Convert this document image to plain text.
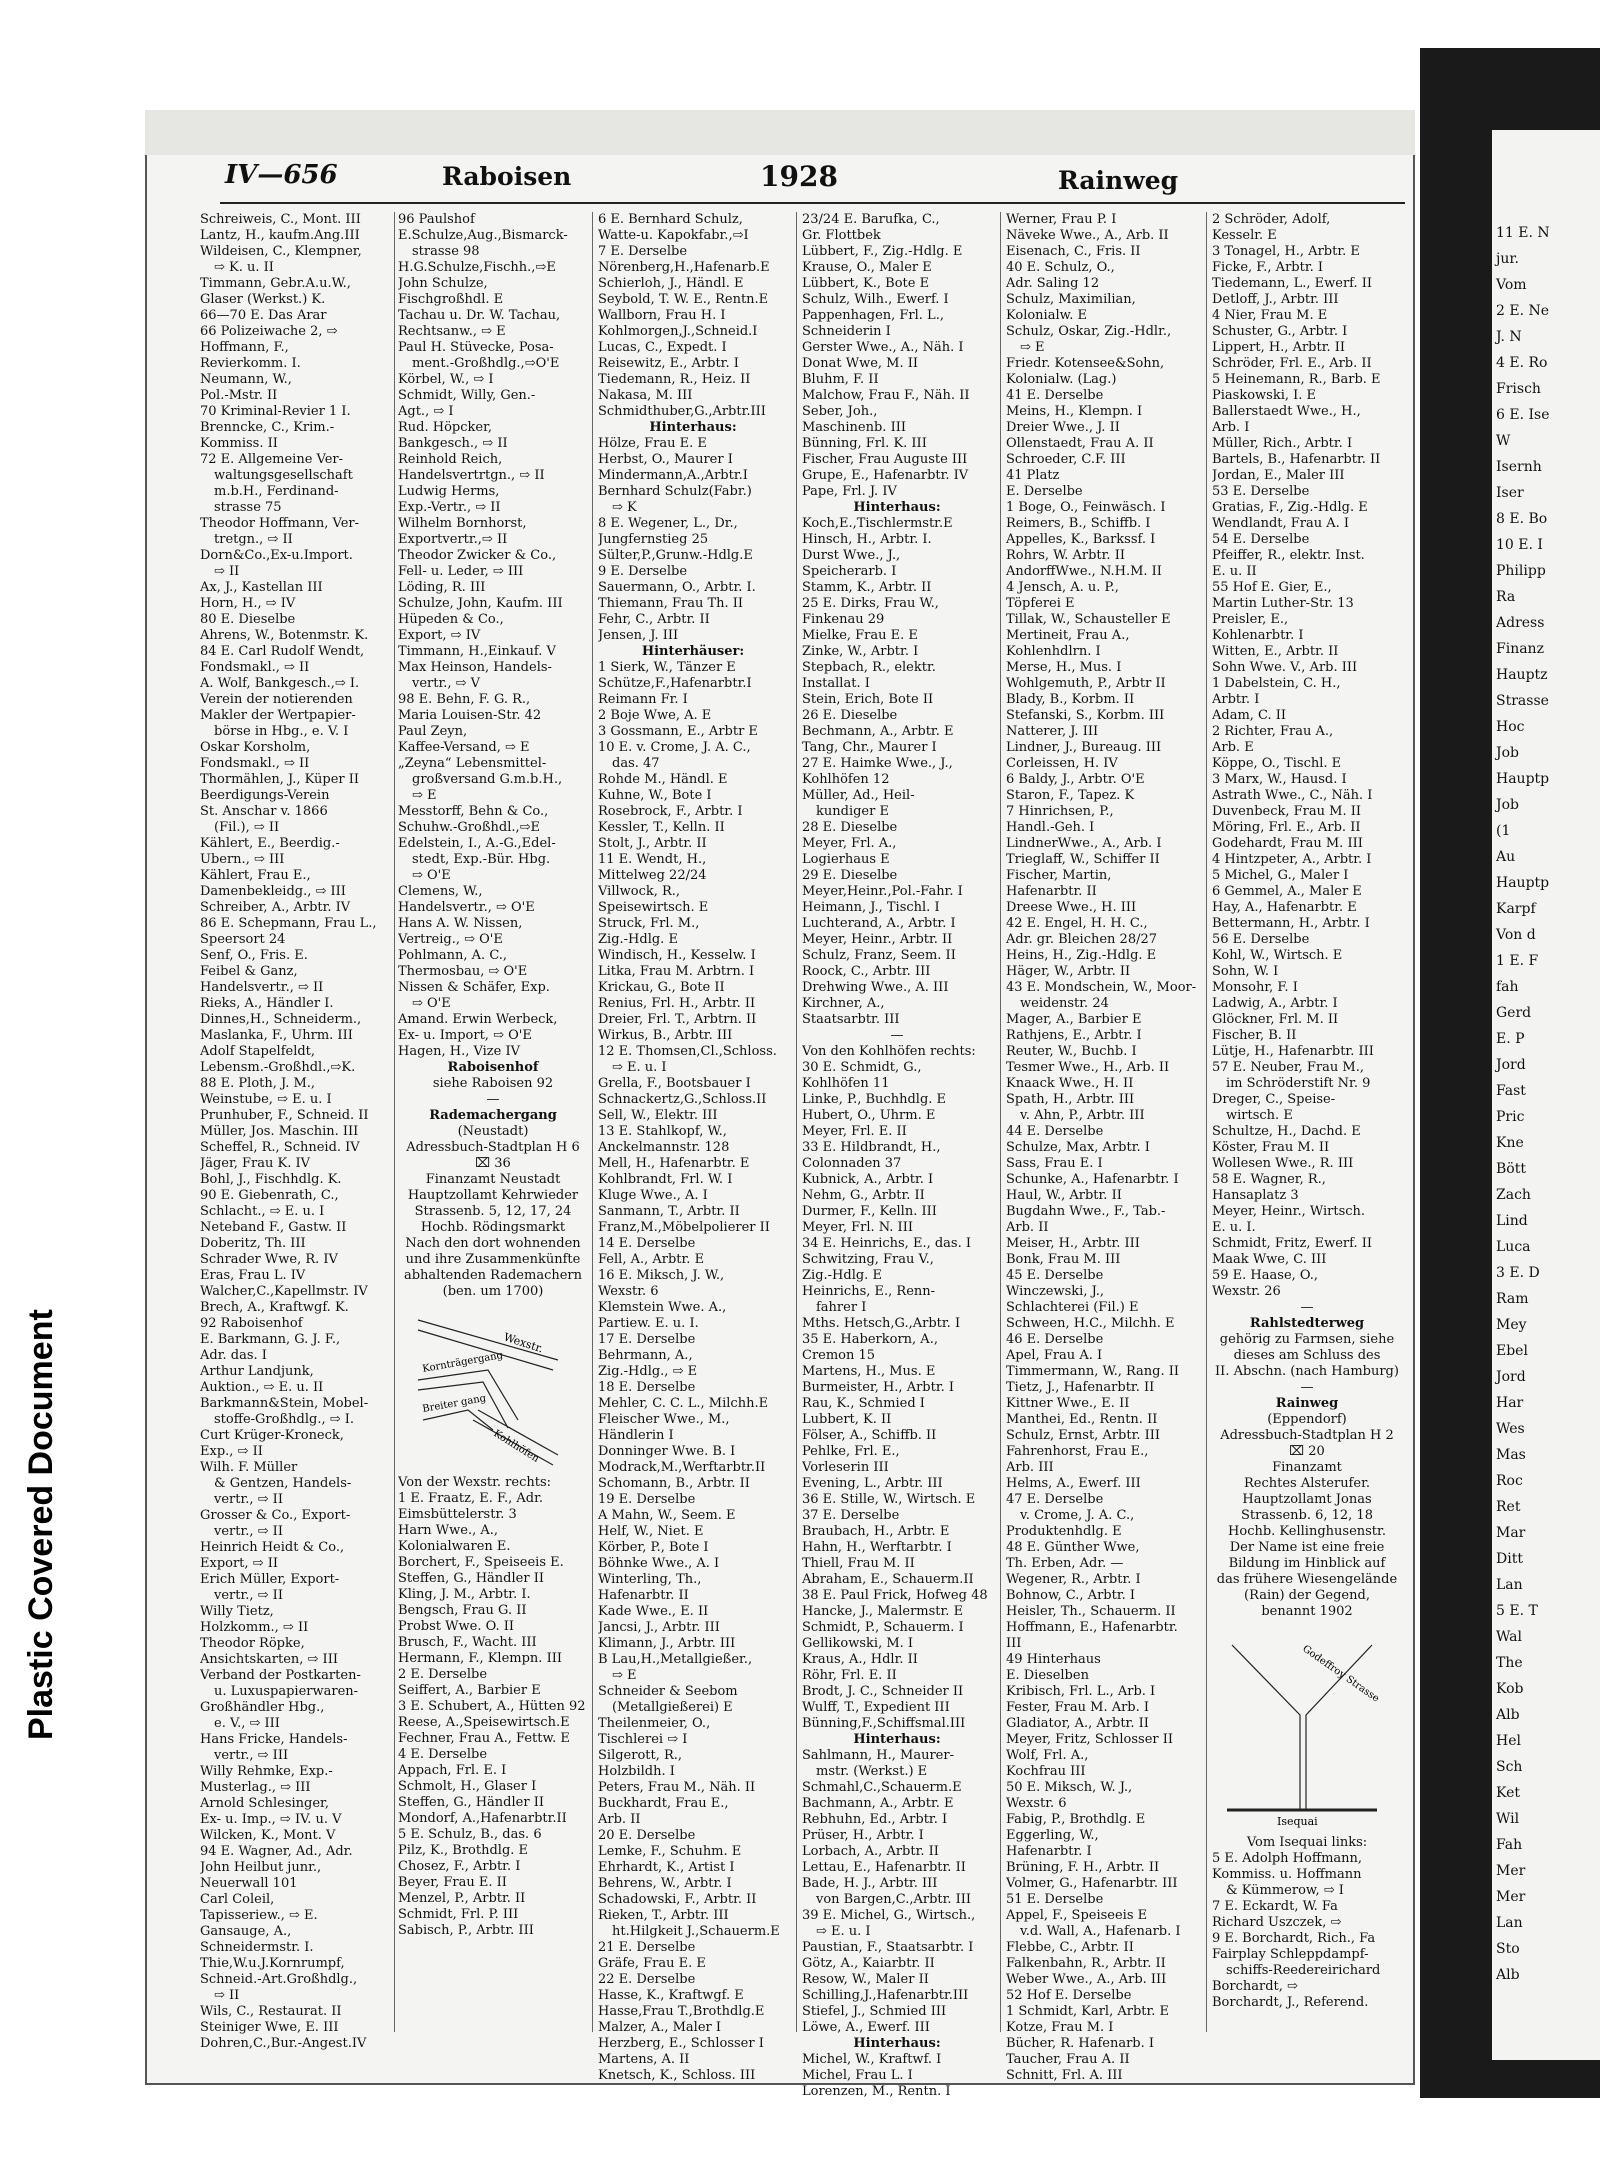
11 E. N
jur.
Vom
2 E. Ne
J. N
4 E. Ro
Frisch
6 E. Ise
W
Isernh
Iser
8 E. Bo
10 E. I
Philipp
Ra
Adress
Finanz
Hauptz
Strasse
Hoc
Job
Hauptp
Job
(1
Au
Hauptp
Karpf
Von d
1 E. F
fah
Gerd
E. P
Jord
Fast
Pric
Kne
Bött
Zach
Lind
Luca
3 E. D
Ram
Mey
Ebel
Jord
Har
Wes
Mas
Roc
Ret
Mar
Ditt
Lan
5 E. T
Wal
The
Kob
Alb
Hel
Sch
Ket
Wil
Fah
Mer
Mer
Lan
Sto
Alb
Plastic Covered Document
IV—656	Raboisen	1928	Rainweg
Schreiweis, C., Mont. III
Lantz, H., kaufm.Ang.III
Wildeisen, C., Klempner,
⇨ K. u. II
Timmann, Gebr.A.u.W.,
Glaser (Werkst.) K.
66—70 E. Das Arar
66 Polizeiwache 2, ⇨
Hoffmann, F.,
Revierkomm. I.
Neumann, W.,
Pol.-Mstr. II
70 Kriminal-Revier 1 I.
Brenncke, C., Krim.-
Kommiss. II
72 E. Allgemeine Ver-
waltungsgesellschaft
m.b.H., Ferdinand-
strasse 75
Theodor Hoffmann, Ver-
tretgn., ⇨ II
Dorn&Co.,Ex-u.Import.
⇨ II
Ax, J., Kastellan III
Horn, H., ⇨ IV
80 E. Dieselbe
Ahrens, W., Botenmstr. K.
84 E. Carl Rudolf Wendt,
Fondsmakl., ⇨ II
A. Wolf, Bankgesch.,⇨ I.
Verein der notierenden
Makler der Wertpapier-
börse in Hbg., e. V. I
Oskar Korsholm,
Fondsmakl., ⇨ II
Thormählen, J., Küper II
Beerdigungs-Verein
St. Anschar v. 1866
(Fil.), ⇨ II
Kählert, E., Beerdig.-
Übern., ⇨ III
Kählert, Frau E.,
Damenbekleidg., ⇨ III
Schreiber, A., Arbtr. IV
86 E. Schepmann, Frau L.,
Speersort 24
Senf, O., Fris. E.
Feibel & Ganz,
Handelsvertr., ⇨ II
Rieks, A., Händler I.
Dinnes,H., Schneiderm.,
Maslanka, F., Uhrm. III
Adolf Stapelfeldt,
Lebensm.-Großhdl.,⇨K.
88 E. Ploth, J. M.,
Weinstube, ⇨ E. u. I
Prunhuber, F., Schneid. II
Müller, Jos. Maschin. III
Scheffel, R., Schneid. IV
Jäger, Frau K. IV
Bohl, J., Fischhdlg. K.
90 E. Giebenrath, C.,
Schlacht., ⇨ E. u. I
Neteband F., Gastw. II
Doberitz, Th. III
Schrader Wwe, R. IV
Eras, Frau L. IV
Walcher,C.,Kapellmstr. IV
Brech, A., Kraftwgf. K.
92 Raboisenhof
E. Barkmann, G. J. F.,
Adr. das. I
Arthur Landjunk,
Auktion., ⇨ E. u. II
Barkmann&Stein, Mobel-
stoffe-Großhdlg., ⇨ I.
Curt Krüger-Kroneck,
Exp., ⇨ II
Wilh. F. Müller
& Gentzen, Handels-
vertr., ⇨ II
Grosser & Co., Export-
vertr., ⇨ II
Heinrich Heidt & Co.,
Export, ⇨ II
Erich Müller, Export-
vertr., ⇨ II
Willy Tietz,
Holzkomm., ⇨ II
Theodor Röpke,
Ansichtskarten, ⇨ III
Verband der Postkarten-
u. Luxuspapierwaren-
Großhändler Hbg.,
e. V., ⇨ III
Hans Fricke, Handels-
vertr., ⇨ III
Willy Rehmke, Exp.-
Musterlag., ⇨ III
Arnold Schlesinger,
Ex- u. Imp., ⇨ IV. u. V
Wilcken, K., Mont. V
94 E. Wagner, Ad., Adr.
John Heilbut junr.,
Neuerwall 101
Carl Coleil,
Tapisseriew., ⇨ E.
Gansauge, A.,
Schneidermstr. I.
Thie,W.u.J.Kornrumpf,
Schneid.-Art.Großhdlg.,
⇨ II
Wils, C., Restaurat. II
Steiniger Wwe, E. III
Dohren,C.,Bur.-Angest.IV
96 Paulshof
E.Schulze,Aug.,Bismarck-
strasse 98
H.G.Schulze,Fischh.,⇨E
John Schulze,
Fischgroßhdl. E
Tachau u. Dr. W. Tachau,
Rechtsanw., ⇨ E
Paul H. Stüvecke, Posa-
ment.-Großhdlg.,⇨O'E
Körbel, W., ⇨ I
Schmidt, Willy, Gen.-
Agt., ⇨ I
Rud. Höpcker,
Bankgesch., ⇨ II
Reinhold Reich,
Handelsvertrtgn., ⇨ II
Ludwig Herms,
Exp.-Vertr., ⇨ II
Wilhelm Bornhorst,
Exportvertr.,⇨ II
Theodor Zwicker & Co.,
Fell- u. Leder, ⇨ III
Löding, R. III
Schulze, John, Kaufm. III
Hüpeden & Co.,
Export, ⇨ IV
Timmann, H.,Einkauf. V
Max Heinson, Handels-
vertr., ⇨ V
98 E. Behn, F. G. R.,
Maria Louisen-Str. 42
Paul Zeyn,
Kaffee-Versand, ⇨ E
„Zeyna“ Lebensmittel-
großversand G.m.b.H.,
⇨ E
Messtorff, Behn & Co.,
Schuhw.-Großhdl.,⇨E
Edelstein, I., A.-G.,Edel-
stedt, Exp.-Bür. Hbg.
⇨ O'E
Clemens, W.,
Handelsvertr., ⇨ O'E
Hans A. W. Nissen,
Vertreig., ⇨ O'E
Pohlmann, A. C.,
Thermosbau, ⇨ O'E
Nissen & Schäfer, Exp.
⇨ O'E
Amand. Erwin Werbeck,
Ex- u. Import, ⇨ O'E
Hagen, H., Vize IV
Raboisenhof
siehe Raboisen 92
—
Rademachergang
(Neustadt)
Adressbuch-Stadtplan H 6
⌧ 36
Finanzamt Neustadt
Hauptzollamt Kehrwieder
Strassenb. 5, 12, 17, 24
Hochb. Rödingsmarkt
Nach den dort wohnenden
und ihre Zusammenkünfte
abhaltenden Rademachern
(ben. um 1700)
Wexstr.
Kornträgergang
Breiter gang
Kohlhöfen
Von der Wexstr. rechts:
1 E. Fraatz, E. F., Adr.
Eimsbüttelerstr. 3
Harn Wwe., A.,
Kolonialwaren E.
Borchert, F., Speiseeis E.
Steffen, G., Händler II
Kling, J. M., Arbtr. I.
Bengsch, Frau G. II
Probst Wwe. O. II
Brusch, F., Wacht. III
Hermann, F., Klempn. III
2 E. Derselbe
Seiffert, A., Barbier E
3 E. Schubert, A., Hütten 92
Reese, A.,Speisewirtsch.E
Fechner, Frau A., Fettw. E
4 E. Derselbe
Appach, Frl. E. I
Schmolt, H., Glaser I
Steffen, G., Händler II
Mondorf, A.,Hafenarbtr.II
5 E. Schulz, B., das. 6
Pilz, K., Brothdlg. E
Chosez, F., Arbtr. I
Beyer, Frau E. II
Menzel, P., Arbtr. II
Schmidt, Frl. P. III
Sabisch, P., Arbtr. III
6 E. Bernhard Schulz,
Watte-u. Kapokfabr.,⇨I
7 E. Derselbe
Nörenberg,H.,Hafenarb.E
Schierloh, J., Händl. E
Seybold, T. W. E., Rentn.E
Wallborn, Frau H. I
Kohlmorgen,J.,Schneid.I
Lucas, C., Expedt. I
Reisewitz, E., Arbtr. I
Tiedemann, R., Heiz. II
Nakasa, M. III
Schmidthuber,G.,Arbtr.III
Hinterhaus:
Hölze, Frau E. E
Herbst, O., Maurer I
Mindermann,A.,Arbtr.I
Bernhard Schulz(Fabr.)
⇨ K
8 E. Wegener, L., Dr.,
Jungfernstieg 25
Sülter,P.,Grunw.-Hdlg.E
9 E. Derselbe
Sauermann, O., Arbtr. I.
Thiemann, Frau Th. II
Fehr, C., Arbtr. II
Jensen, J. III
Hinterhäuser:
1 Sierk, W., Tänzer E
Schütze,F.,Hafenarbtr.I
Reimann Fr. I
2 Boje Wwe, A. E
3 Gossmann, E., Arbtr E
10 E. v. Crome, J. A. C.,
das. 47
Rohde M., Händl. E
Kuhne, W., Bote I
Rosebrock, F., Arbtr. I
Kessler, T., Kelln. II
Stolt, J., Arbtr. II
11 E. Wendt, H.,
Mittelweg 22/24
Villwock, R.,
Speisewirtsch. E
Struck, Frl. M.,
Zig.-Hdlg. E
Windisch, H., Kesselw. I
Litka, Frau M. Arbtrn. I
Krickau, G., Bote II
Renius, Frl. H., Arbtr. II
Dreier, Frl. T., Arbtrn. II
Wirkus, B., Arbtr. III
12 E. Thomsen,Cl.,Schloss.
⇨ E. u. I
Grella, F., Bootsbauer I
Schnackertz,G.,Schloss.II
Sell, W., Elektr. III
13 E. Stahlkopf, W.,
Anckelmannstr. 128
Mell, H., Hafenarbtr. E
Kohlbrandt, Frl. W. I
Kluge Wwe., A. I
Sanmann, T., Arbtr. II
Franz,M.,Möbelpolierer II
14 E. Derselbe
Fell, A., Arbtr. E
16 E. Miksch, J. W.,
Wexstr. 6
Klemstein Wwe. A.,
Partiew. E. u. I.
17 E. Derselbe
Behrmann, A.,
Zig.-Hdlg., ⇨ E
18 E. Derselbe
Mehler, C. C. L., Milchh.E
Fleischer Wwe., M.,
Händlerin I
Donninger Wwe. B. I
Modrack,M.,Werftarbtr.II
Schomann, B., Arbtr. II
19 E. Derselbe
A Mahn, W., Seem. E
Helf, W., Niet. E
Körber, P., Bote I
Böhnke Wwe., A. I
Winterling, Th.,
Hafenarbtr. II
Kade Wwe., E. II
Jancsi, J., Arbtr. III
Klimann, J., Arbtr. III
B Lau,H.,Metallgießer.,
⇨ E
Schneider & Seebom
(Metallgießerei) E
Theilenmeier, O.,
Tischlerei ⇨ I
Silgerott, R.,
Holzbildh. I
Peters, Frau M., Näh. II
Buckhardt, Frau E.,
Arb. II
20 E. Derselbe
Lemke, F., Schuhm. E
Ehrhardt, K., Artist I
Behrens, W., Arbtr. I
Schadowski, F., Arbtr. II
Rieken, T., Arbtr. III
ht.Hilgkeit J.,Schauerm.E
21 E. Derselbe
Gräfe, Frau E. E
22 E. Derselbe
Hasse, K., Kraftwgf. E
Hasse,Frau T.,Brothdlg.E
Malzer, A., Maler I
Herzberg, E., Schlosser I
Martens, A. II
Knetsch, K., Schloss. III
23/24 E. Barufka, C.,
Gr. Flottbek
Lübbert, F., Zig.-Hdlg. E
Krause, O., Maler E
Lübbert, K., Bote E
Schulz, Wilh., Ewerf. I
Pappenhagen, Frl. L.,
Schneiderin I
Gerster Wwe., A., Näh. I
Donat Wwe, M. II
Bluhm, F. II
Malchow, Frau F., Näh. II
Seber, Joh.,
Maschinenb. III
Bünning, Frl. K. III
Fischer, Frau Auguste III
Grupe, E., Hafenarbtr. IV
Pape, Frl. J. IV
Hinterhaus:
Koch,E.,Tischlermstr.E
Hinsch, H., Arbtr. I.
Durst Wwe., J.,
Speicherarb. I
Stamm, K., Arbtr. II
25 E. Dirks, Frau W.,
Finkenau 29
Mielke, Frau E. E
Zinke, W., Arbtr. I
Stepbach, R., elektr.
Installat. I
Stein, Erich, Bote II
26 E. Dieselbe
Bechmann, A., Arbtr. E
Tang, Chr., Maurer I
27 E. Haimke Wwe., J.,
Kohlhöfen 12
Müller, Ad., Heil-
kundiger E
28 E. Dieselbe
Meyer, Frl. A.,
Logierhaus E
29 E. Dieselbe
Meyer,Heinr.,Pol.-Fahr. I
Heimann, J., Tischl. I
Luchterand, A., Arbtr. I
Meyer, Heinr., Arbtr. II
Schulz, Franz, Seem. II
Roock, C., Arbtr. III
Drehwing Wwe., A. III
Kirchner, A.,
Staatsarbtr. III
—
Von den Kohlhöfen rechts:
30 E. Schmidt, G.,
Kohlhöfen 11
Linke, P., Buchhdlg. E
Hubert, O., Uhrm. E
Meyer, Frl. E. II
33 E. Hildbrandt, H.,
Colonnaden 37
Kubnick, A., Arbtr. I
Nehm, G., Arbtr. II
Durmer, F., Kelln. III
Meyer, Frl. N. III
34 E. Heinrichs, E., das. I
Schwitzing, Frau V.,
Zig.-Hdlg. E
Heinrichs, E., Renn-
fahrer I
Mths. Hetsch,G.,Arbtr. I
35 E. Haberkorn, A.,
Cremon 15
Martens, H., Mus. E
Burmeister, H., Arbtr. I
Rau, K., Schmied I
Lubbert, K. II
Fölser, A., Schiffb. II
Pehlke, Frl. E.,
Vorleserin III
Evening, L., Arbtr. III
36 E. Stille, W., Wirtsch. E
37 E. Derselbe
Braubach, H., Arbtr. E
Hahn, H., Werftarbtr. I
Thiell, Frau M. II
Abraham, E., Schauerm.II
38 E. Paul Frick, Hofweg 48
Hancke, J., Malermstr. E
Schmidt, P., Schauerm. I
Gellikowski, M. I
Kraus, A., Hdlr. II
Röhr, Frl. E. II
Brodt, J. C., Schneider II
Wulff, T., Expedient III
Bünning,F.,Schiffsmal.III
Hinterhaus:
Sahlmann, H., Maurer-
mstr. (Werkst.) E
Schmahl,C.,Schauerm.E
Bachmann, A., Arbtr. E
Rebhuhn, Ed., Arbtr. I
Prüser, H., Arbtr. I
Lorbach, A., Arbtr. II
Lettau, E., Hafenarbtr. II
Bade, H. J., Arbtr. III
von Bargen,C.,Arbtr. III
39 E. Michel, G., Wirtsch.,
⇨ E. u. I
Paustian, F., Staatsarbtr. I
Götz, A., Kaiarbtr. II
Resow, W., Maler II
Schilling,J.,Hafenarbtr.III
Stiefel, J., Schmied III
Löwe, A., Ewerf. III
Hinterhaus:
Michel, W., Kraftwf. I
Michel, Frau L. I
Lorenzen, M., Rentn. I
Werner, Frau P. I
Näveke Wwe., A., Arb. II
Eisenach, C., Fris. II
40 E. Schulz, O.,
Adr. Saling 12
Schulz, Maximilian,
Kolonialw. E
Schulz, Oskar, Zig.-Hdlr.,
⇨ E
Friedr. Kotensee&Sohn,
Kolonialw. (Lag.)
41 E. Derselbe
Meins, H., Klempn. I
Dreier Wwe., J. II
Ollenstaedt, Frau A. II
Schroeder, C.F. III
41 Platz
E. Derselbe
1 Boge, O., Feinwäsch. I
Reimers, B., Schiffb. I
Appelles, K., Barkssf. I
Rohrs, W. Arbtr. II
AndorffWwe., N.H.M. II
4 Jensch, A. u. P.,
Töpferei E
Tillak, W., Schausteller E
Mertineit, Frau A.,
Kohlenhdlrn. I
Merse, H., Mus. I
Wohlgemuth, P., Arbtr II
Blady, B., Korbm. II
Stefanski, S., Korbm. III
Natterer, J. III
Lindner, J., Bureaug. III
Corleissen, H. IV
6 Baldy, J., Arbtr. O'E
Staron, F., Tapez. K
7 Hinrichsen, P.,
Handl.-Geh. I
LindnerWwe., A., Arb. I
Trieglaff, W., Schiffer II
Fischer, Martin,
Hafenarbtr. II
Dreese Wwe., H. III
42 E. Engel, H. H. C.,
Adr. gr. Bleichen 28/27
Heins, H., Zig.-Hdlg. E
Häger, W., Arbtr. II
43 E. Mondschein, W., Moor-
weidenstr. 24
Mager, A., Barbier E
Rathjens, E., Arbtr. I
Reuter, W., Buchb. I
Tesmer Wwe., H., Arb. II
Knaack Wwe., H. II
Spath, H., Arbtr. III
v. Ahn, P., Arbtr. III
44 E. Derselbe
Schulze, Max, Arbtr. I
Sass, Frau E. I
Schunke, A., Hafenarbtr. I
Haul, W., Arbtr. II
Bugdahn Wwe., F., Tab.-
Arb. II
Meiser, H., Arbtr. III
Bonk, Frau M. III
45 E. Derselbe
Winczewski, J.,
Schlachterei (Fil.) E
Schween, H.C., Milchh. E
46 E. Derselbe
Apel, Frau A. I
Timmermann, W., Rang. II
Tietz, J., Hafenarbtr. II
Kittner Wwe., E. II
Manthei, Ed., Rentn. II
Schulz, Ernst, Arbtr. III
Fahrenhorst, Frau E.,
Arb. III
Helms, A., Ewerf. III
47 E. Derselbe
v. Crome, J. A. C.,
Produktenhdlg. E
48 E. Günther Wwe,
Th. Erben, Adr. —
Wegener, R., Arbtr. I
Bohnow, C., Arbtr. I
Heisler, Th., Schauerm. II
Hoffmann, E., Hafenarbtr.
III
49 Hinterhaus
E. Dieselben
Kribisch, Frl. L., Arb. I
Fester, Frau M. Arb. I
Gladiator, A., Arbtr. II
Meyer, Fritz, Schlosser II
Wolf, Frl. A.,
Kochfrau III
50 E. Miksch, W. J.,
Wexstr. 6
Fabig, P., Brothdlg. E
Eggerling, W.,
Hafenarbtr. I
Brüning, F. H., Arbtr. II
Volmer, G., Hafenarbtr. III
51 E. Derselbe
Appel, F., Speiseeis E
v.d. Wall, A., Hafenarb. I
Flebbe, C., Arbtr. II
Falkenbahn, R., Arbtr. II
Weber Wwe., A., Arb. III
52 Hof E. Derselbe
1 Schmidt, Karl, Arbtr. E
Kotze, Frau M. I
Bücher, R. Hafenarb. I
Taucher, Frau A. II
Schnitt, Frl. A. III
2 Schröder, Adolf,
Kesselr. E
3 Tonagel, H., Arbtr. E
Ficke, F., Arbtr. I
Tiedemann, L., Ewerf. II
Detloff, J., Arbtr. III
4 Nier, Frau M. E
Schuster, G., Arbtr. I
Lippert, H., Arbtr. II
Schröder, Frl. E., Arb. II
5 Heinemann, R., Barb. E
Piaskowski, I. E
Ballerstaedt Wwe., H.,
Arb. I
Müller, Rich., Arbtr. I
Bartels, B., Hafenarbtr. II
Jordan, E., Maler III
53 E. Derselbe
Gratias, F., Zig.-Hdlg. E
Wendlandt, Frau A. I
54 E. Derselbe
Pfeiffer, R., elektr. Inst.
E. u. II
55 Hof E. Gier, E.,
Martin Luther-Str. 13
Preisler, E.,
Kohlenarbtr. I
Witten, E., Arbtr. II
Sohn Wwe. V., Arb. III
1 Dabelstein, C. H.,
Arbtr. I
Adam, C. II
2 Richter, Frau A.,
Arb. E
Köppe, O., Tischl. E
3 Marx, W., Hausd. I
Astrath Wwe., C., Näh. I
Duvenbeck, Frau M. II
Möring, Frl. E., Arb. II
Godehardt, Frau M. III
4 Hintzpeter, A., Arbtr. I
5 Michel, G., Maler I
6 Gemmel, A., Maler E
Hay, A., Hafenarbtr. E
Bettermann, H., Arbtr. I
56 E. Derselbe
Kohl, W., Wirtsch. E
Sohn, W. I
Monsohr, F. I
Ladwig, A., Arbtr. I
Glöckner, Frl. M. II
Fischer, B. II
Lütje, H., Hafenarbtr. III
57 E. Neuber, Frau M.,
im Schröderstift Nr. 9
Dreger, C., Speise-
wirtsch. E
Schultze, H., Dachd. E
Köster, Frau M. II
Wollesen Wwe., R. III
58 E. Wagner, R.,
Hansaplatz 3
Meyer, Heinr., Wirtsch.
E. u. I.
Schmidt, Fritz, Ewerf. II
Maak Wwe, C. III
59 E. Haase, O.,
Wexstr. 26
—
Rahlstedterweg
gehörig zu Farmsen, siehe
dieses am Schluss des
II. Abschn. (nach Hamburg)
—
Rainweg
(Eppendorf)
Adressbuch-Stadtplan H 2
⌧ 20
Finanzamt
Rechtes Alsterufer.
Hauptzollamt Jonas
Strassenb. 6, 12, 18
Hochb. Kellinghusenstr.
Der Name ist eine freie
Bildung im Hinblick auf
das frühere Wiesengelände
(Rain) der Gegend,
benannt 1902
Godeffroy Strasse
Isequai
Vom Isequai links:
5 E. Adolph Hoffmann,
Kommiss. u. Hoffmann
& Kümmerow, ⇨ I
7 E. Eckardt, W. Fa
Richard Uszczek, ⇨
9 E. Borchardt, Rich., Fa
Fairplay Schleppdampf-
schiffs-Reedereirichard
Borchardt, ⇨
Borchardt, J., Referend.
